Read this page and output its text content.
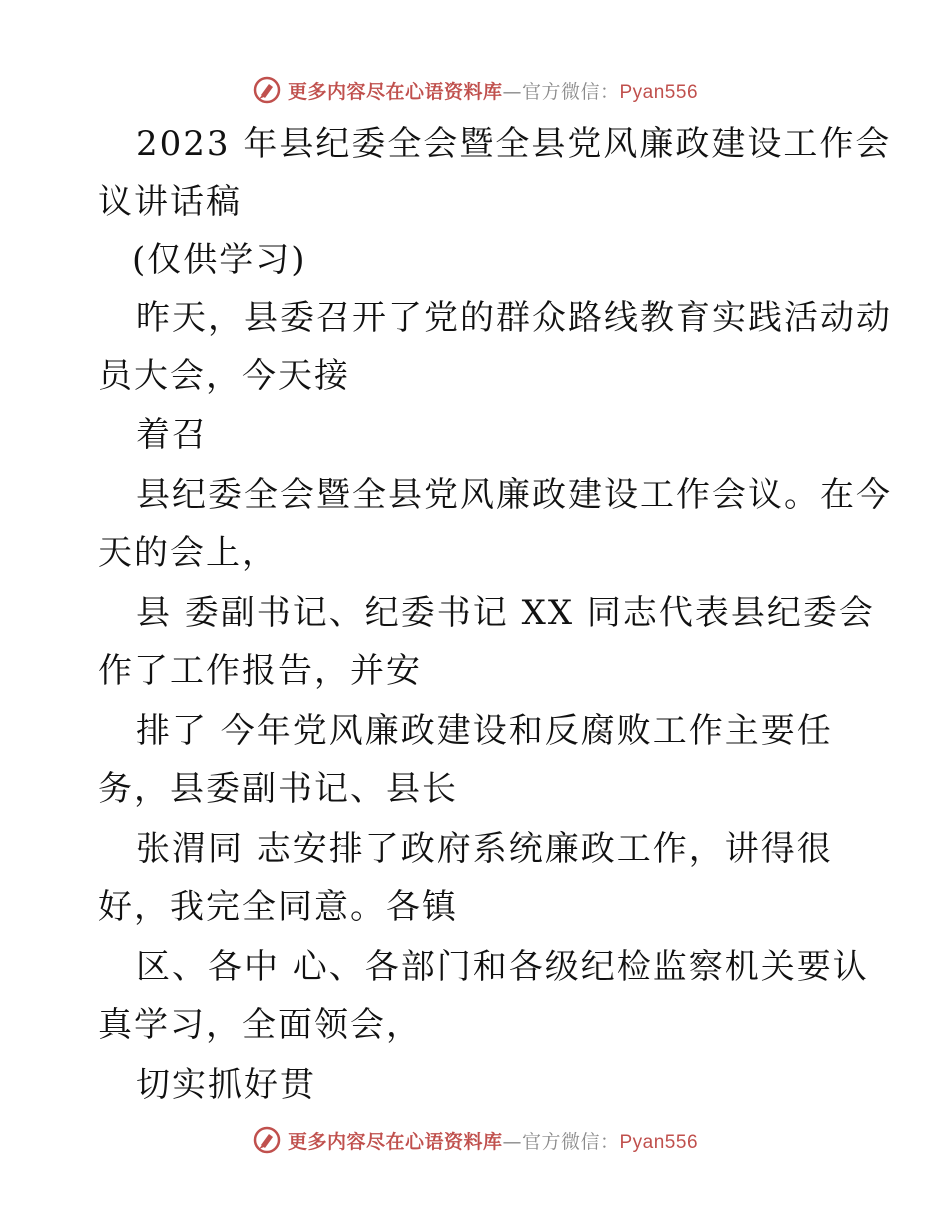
更多内容尽在心语资料库—官方微信：Pyan556
2023 年县纪委全会暨全县党风廉政建设工作会
议讲话稿
(仅供学习)
昨天，县委召开了党的群众路线教育实践活动动
员大会，今天接
着召
县纪委全会暨全县党风廉政建设工作会议。在今
天的会上，
县 委副书记、纪委书记 XX 同志代表县纪委会
作了工作报告，并安
排了 今年党风廉政建设和反腐败工作主要任
务，县委副书记、县长
张渭同 志安排了政府系统廉政工作，讲得很
好，我完全同意。各镇
区、各中 心、各部门和各级纪检监察机关要认
真学习，全面领会，
切实抓好贯
更多内容尽在心语资料库—官方微信：Pyan556
